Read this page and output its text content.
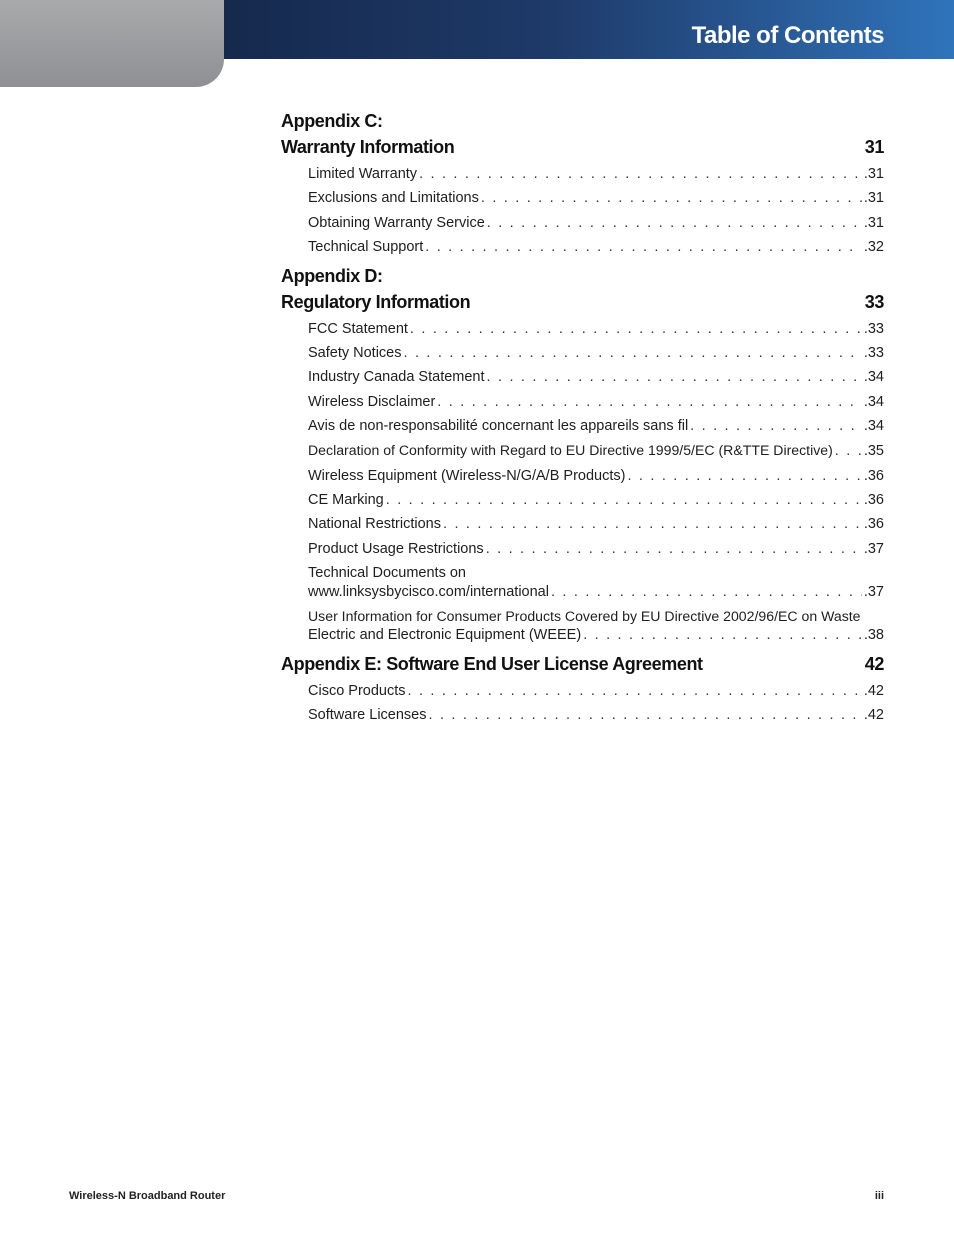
Table of Contents
Appendix C:
Warranty Information	31
Limited Warranty . . .	.31
Exclusions and Limitations . . .	.31
Obtaining Warranty Service . . .	.31
Technical Support . . .	.32
Appendix D:
Regulatory Information	33
FCC Statement . . .	.33
Safety Notices . . .	.33
Industry Canada Statement . . .	.34
Wireless Disclaimer . . .	.34
Avis de non-responsabilité concernant les appareils sans fil . . .	.34
Declaration of Conformity with Regard to EU Directive 1999/5/EC (R&TTE Directive) . . . .35
Wireless Equipment (Wireless-N/G/A/B Products) . . .	.36
CE Marking . . .	.36
National Restrictions . . .	.36
Product Usage Restrictions . . .	.37
Technical Documents on
www.linksysbycisco.com/international . . .	.37
User Information for Consumer Products Covered by EU Directive 2002/96/EC on Waste
Electric and Electronic Equipment (WEEE) . . .	.38
Appendix E: Software End User License Agreement	42
Cisco Products . . .	.42
Software Licenses . . .	.42
Wireless-N Broadband Router	iii
